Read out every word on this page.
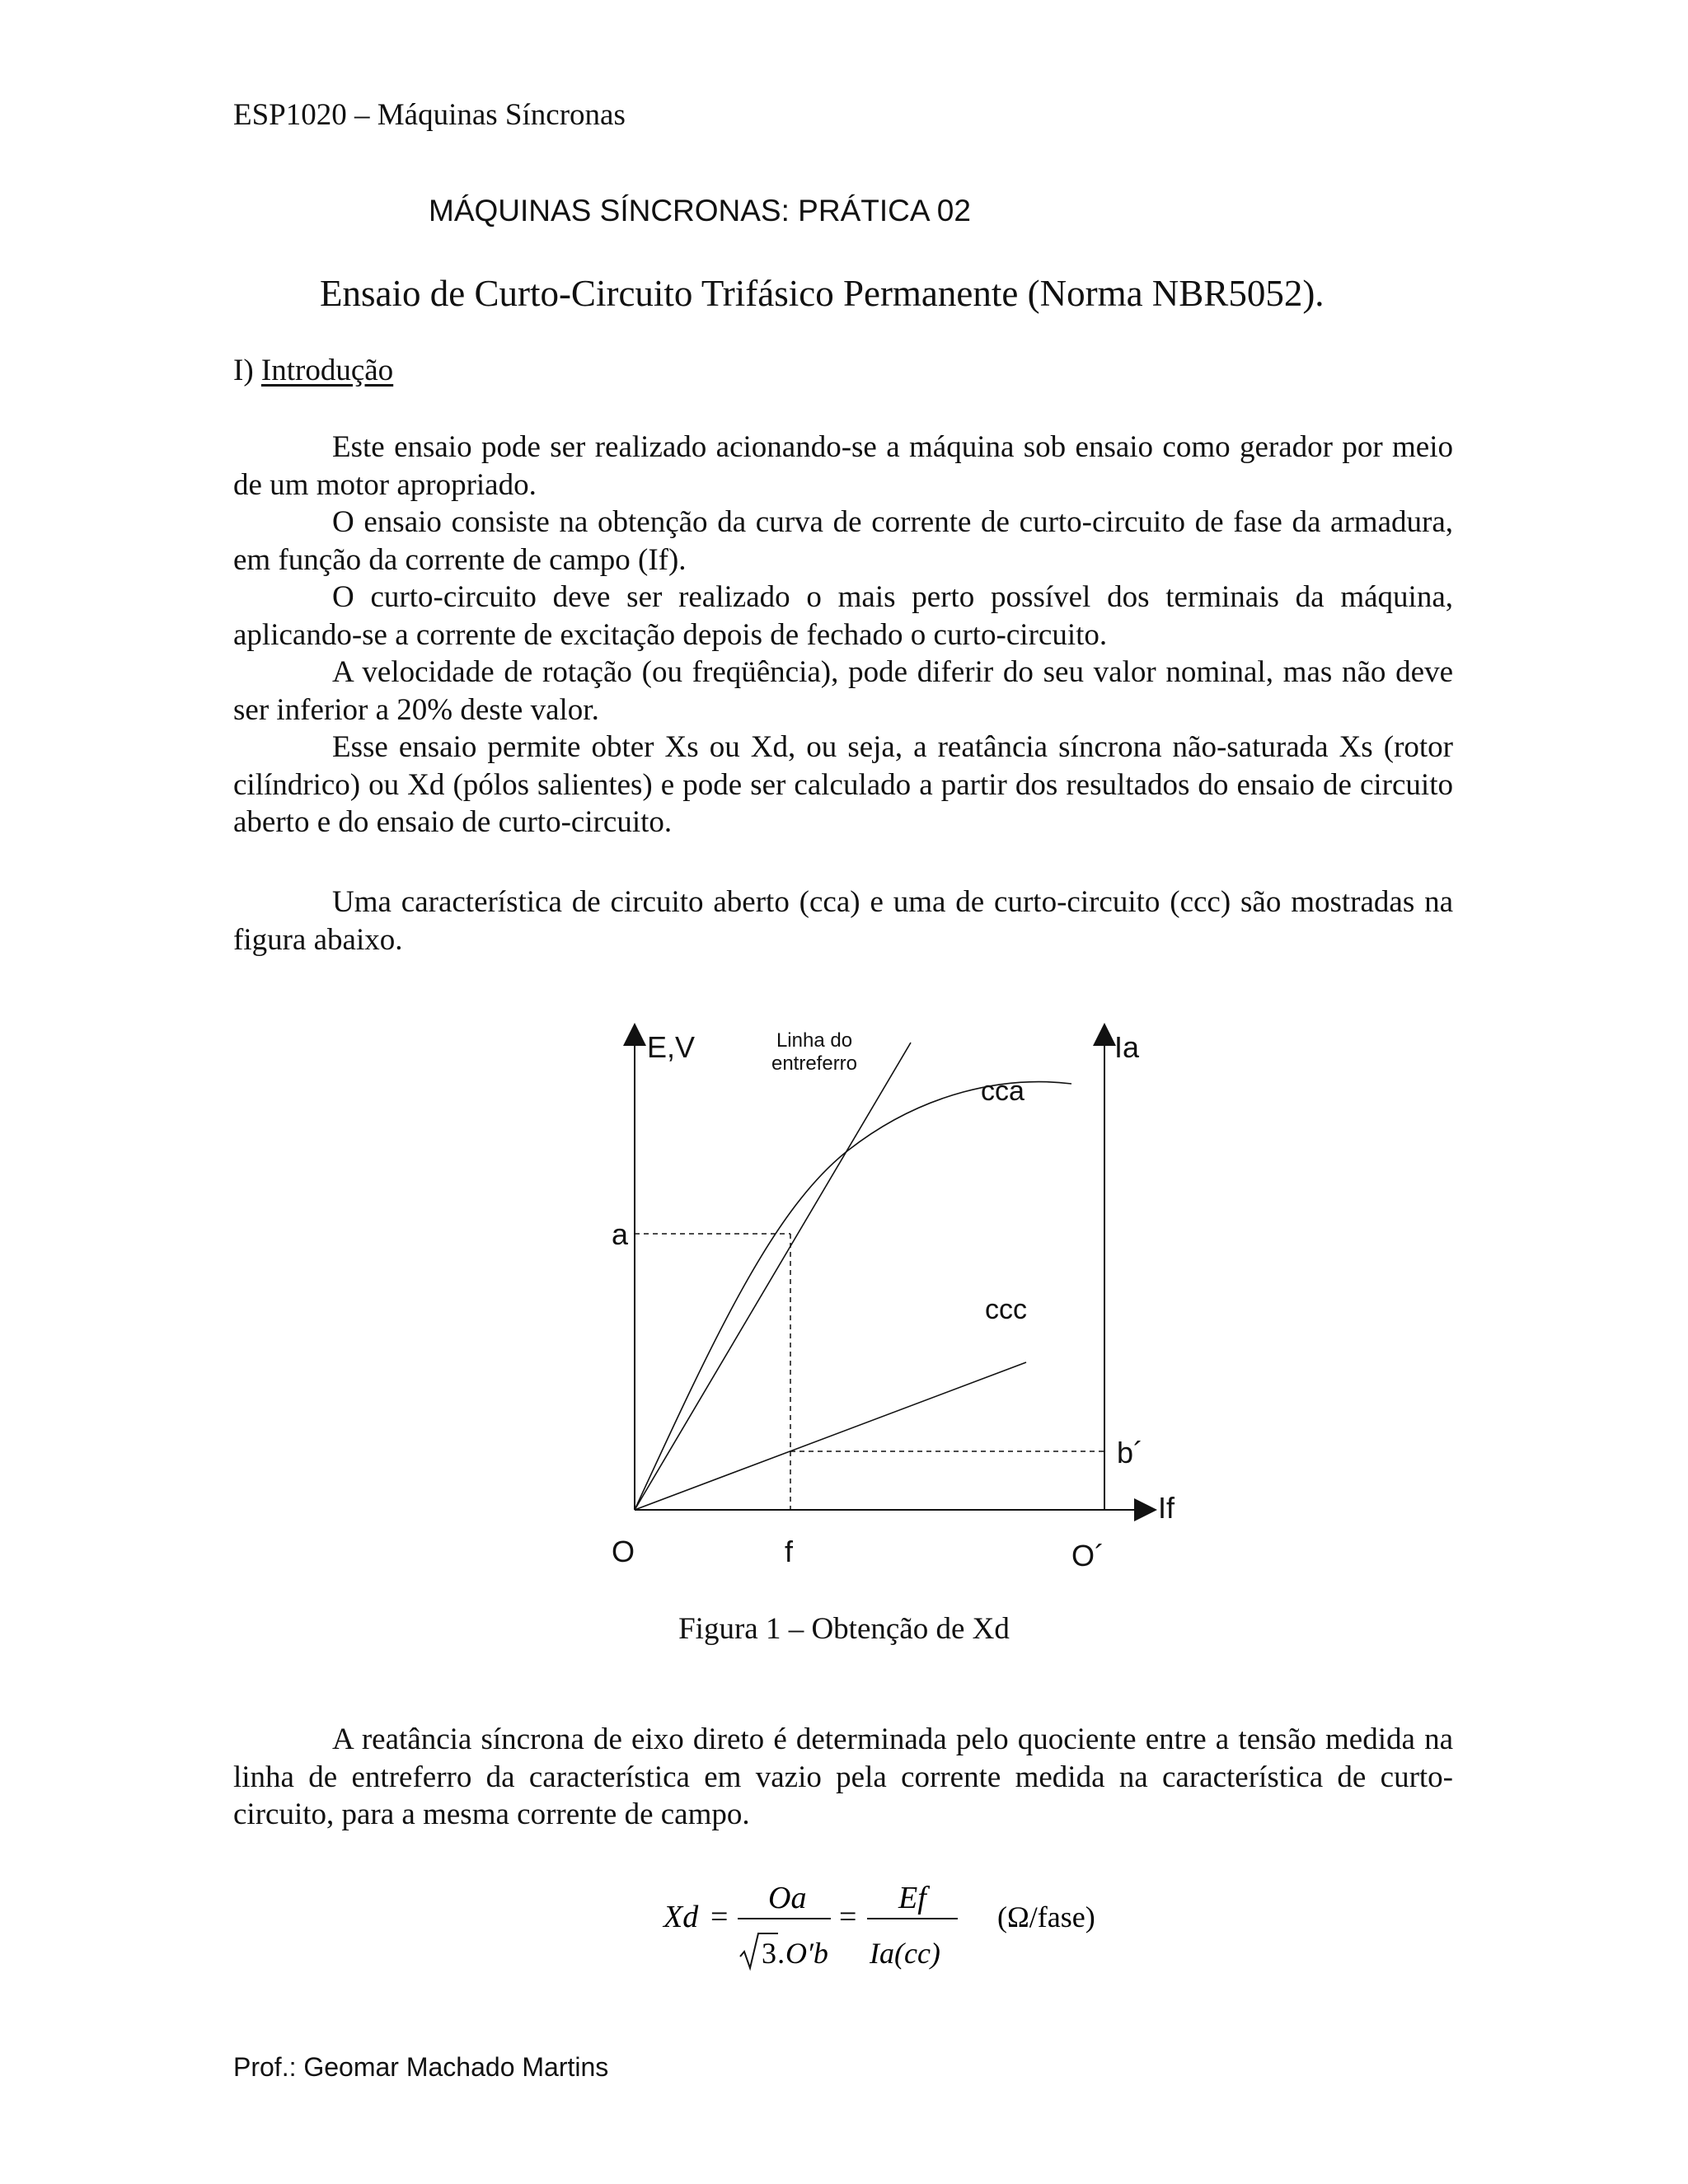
ESP1020 – Máquinas Síncronas
MÁQUINAS SÍNCRONAS: PRÁTICA 02
Ensaio de Curto-Circuito Trifásico Permanente (Norma NBR5052).
I) Introdução

Este ensaio pode ser realizado acionando-se a máquina sob ensaio como gerador por meio de um motor apropriado.

O ensaio consiste na obtenção da curva de corrente de curto-circuito de fase da armadura, em função da corrente de campo (If).

O curto-circuito deve ser realizado o mais perto possível dos terminais da máquina, aplicando-se a corrente de excitação depois de fechado o curto-circuito.

A velocidade de rotação (ou freqüência), pode diferir do seu valor nominal, mas não deve ser inferior a 20% deste valor.

Esse ensaio permite obter Xs ou Xd, ou seja, a reatância síncrona não-saturada Xs (rotor cilíndrico) ou Xd (pólos salientes) e pode ser calculado a partir dos resultados do ensaio de circuito aberto e do ensaio de curto-circuito.

Uma característica de circuito aberto (cca) e uma de curto-circuito (ccc) são mostradas na figura abaixo.

E,V	Ia
Linha do
entreferro
cca
ccc
a
b´
If
O	f	O´
Figura 1 – Obtenção de Xd

A reatância síncrona de eixo direto é determinada pelo quociente entre a tensão medida na linha de entreferro da característica em vazio pela corrente medida na característica de curto-circuito, para a mesma corrente de campo.

Xd =
Oa
3 .O′b
=
Ef
Ia(cc)
(Ω/fase)
Prof.: Geomar Machado Martins
